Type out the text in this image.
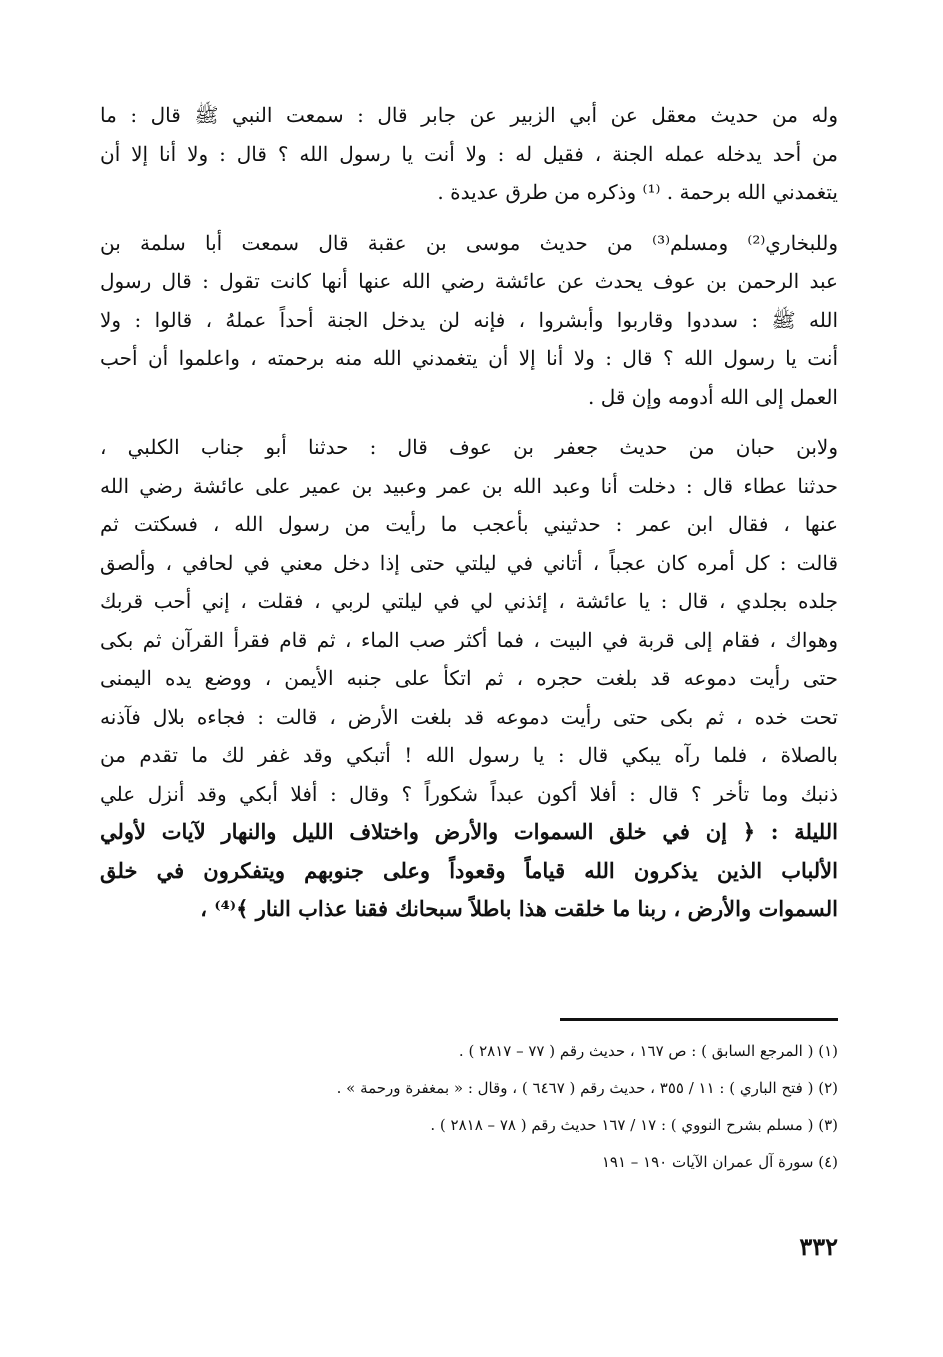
وله من حديث معقل عن أبي الزبير عن جابر قال : سمعت النبي ﷺ قال : ما
من أحد يدخله عمله الجنة ، فقيل له : ولا أنت يا رسول الله ؟ قال : ولا أنا إلا أن
يتغمدني الله برحمة . ⁽¹⁾ وذكره من طرق عديدة .
وللبخاري⁽²⁾ ومسلم⁽³⁾ من حديث موسى بن عقبة قال سمعت أبا سلمة بن
عبد الرحمن بن عوف يحدث عن عائشة رضي الله عنها أنها كانت تقول : قال رسول
الله ﷺ : سددوا وقاربوا وأبشروا ، فإنه لن يدخل الجنة أحداً عملهُ ، قالوا : ولا
أنت يا رسول الله ؟ قال : ولا أنا إلا أن يتغمدني الله منه برحمته ، واعلموا أن أحب
العمل إلى الله أدومه وإن قل .
ولابن حبان من حديث جعفر بن عوف قال : حدثنا أبو جناب الكلبي ،
حدثنا عطاء قال : دخلت أنا وعبد الله بن عمر وعبيد بن عمير على عائشة رضي الله
عنها ، فقال ابن عمر : حدثيني بأعجب ما رأيت من رسول الله ، فسكتت ثم
قالت : كل أمره كان عجباً ، أتاني في ليلتي حتى إذا دخل معني في لحافي ، وألصق
جلده بجلدي ، قال : يا عائشة ، إئذني لي في ليلتي لربي ، فقلت ، إني أحب قربك
وهواك ، فقام إلى قربة في البيت ، فما أكثر صب الماء ، ثم قام فقرأ القرآن ثم بكى
حتى رأيت دموعه قد بلغت حجره ، ثم اتكأ على جنبه الأيمن ، ووضع يده اليمنى
تحت خده ، ثم بكى حتى رأيت دموعه قد بلغت الأرض ، قالت : فجاءه بلال فآذنه
بالصلاة ، فلما رآه يبكي قال : يا رسول الله ! أتبكي وقد غفر لك ما تقدم من
ذنبك وما تأخر ؟ قال : أفلا أكون عبداً شكوراً ؟ وقال : أفلا أبكي وقد أنزل علي
الليلة : ﴿ إن في خلق السموات والأرض واختلاف الليل والنهار لآيات لأولي
الألباب الذين يذكرون الله قياماً وقعوداً وعلى جنوبهم ويتفكرون في خلق
السموات والأرض ، ربنا ما خلقت هذا باطلاً سبحانك فقنا عذاب النار ﴾⁽⁴⁾ ،
(١) ( المرجع السابق ) : ص ١٦٧ ، حديث رقم ( ٧٧ – ٢٨١٧ ) .
(٢) ( فتح الباري ) : ١١ / ٣٥٥ ، حديث رقم ( ٦٤٦٧ ) ، وقال : « بمغفرة ورحمة » .
(٣) ( مسلم بشرح النووي ) : ١٧ / ١٦٧ حديث رقم ( ٧٨ – ٢٨١٨ ) .
(٤) سورة آل عمران الآيات ١٩٠ – ١٩١
٣٣٢
